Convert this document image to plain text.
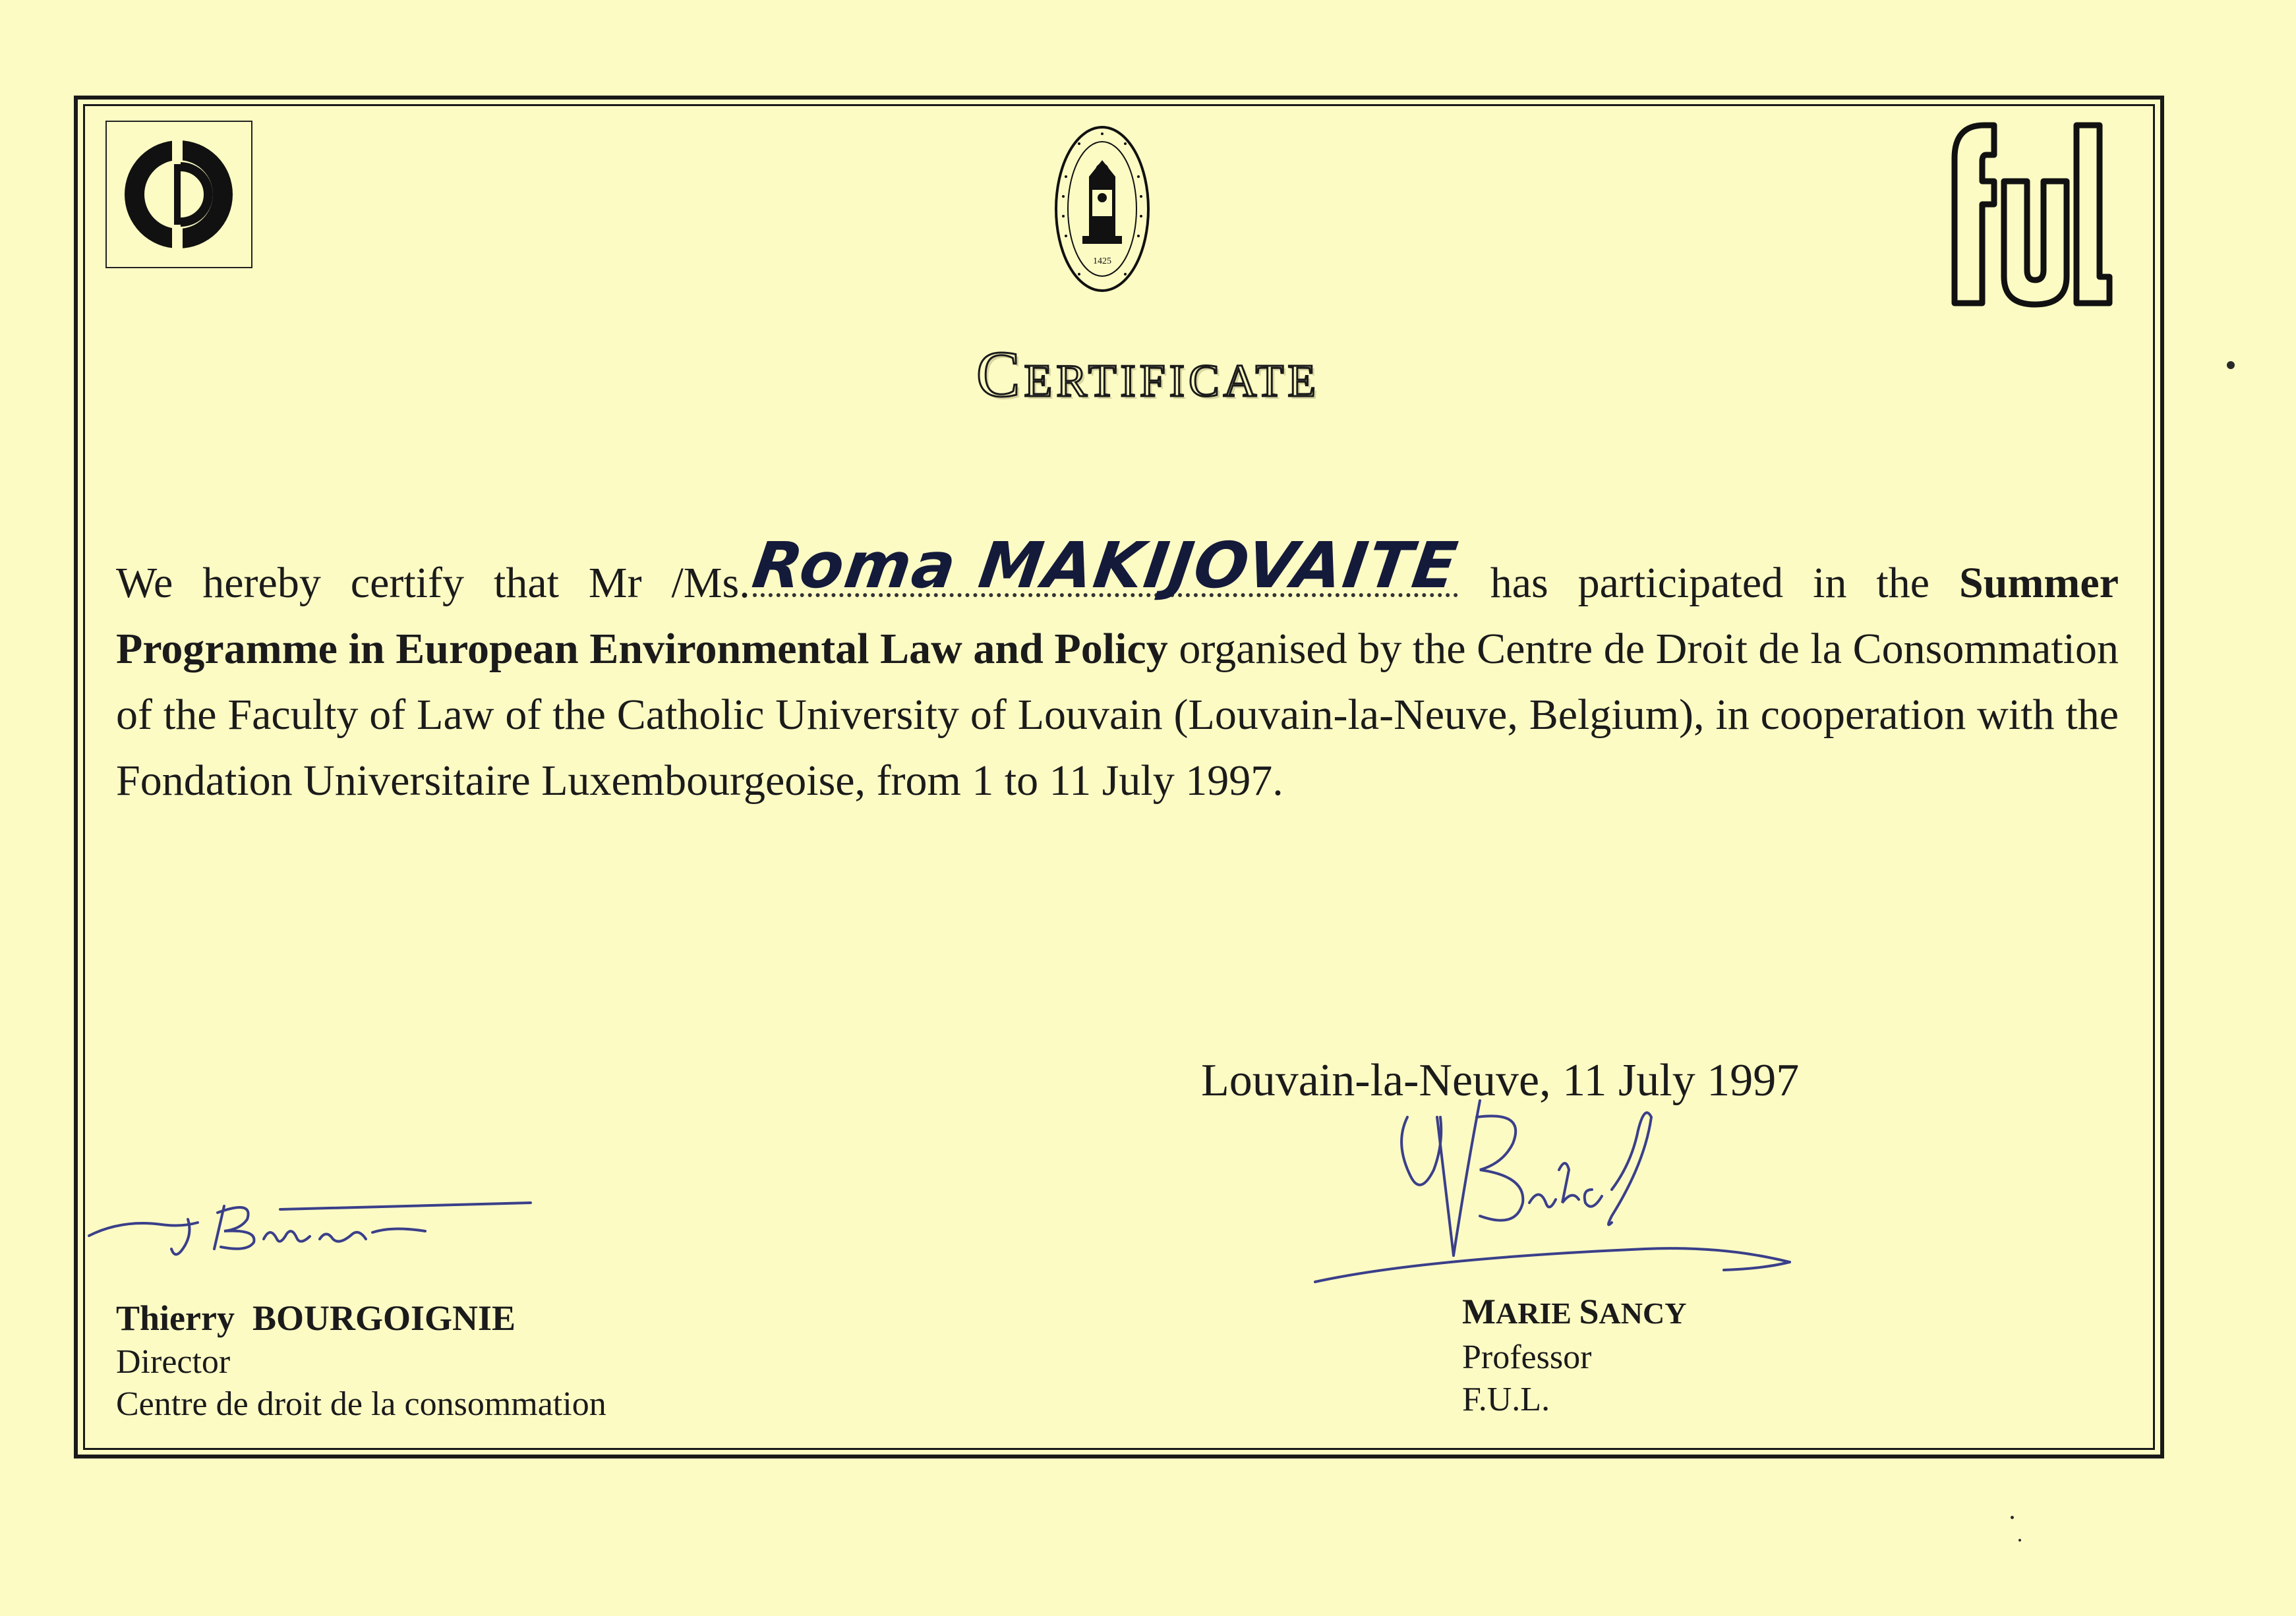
1425
Certificate
We hereby certify that Mr /Ms.
Roma MAKIJOVAITE
has participated in the Summer Programme in European Environmental Law and Policy organised by the Centre de Droit de la Consommation of the Faculty of Law of the Catholic University of Louvain (Louvain-la-Neuve, Belgium), in cooperation with the Fondation Universitaire Luxembourgeoise, from 1 to 11 July 1997.
Louvain-la-Neuve, 11 July 1997
Thierry BOURGOIGNIE
Director
Centre de droit de la consommation
MARIE SANCY
Professor
F.U.L.
